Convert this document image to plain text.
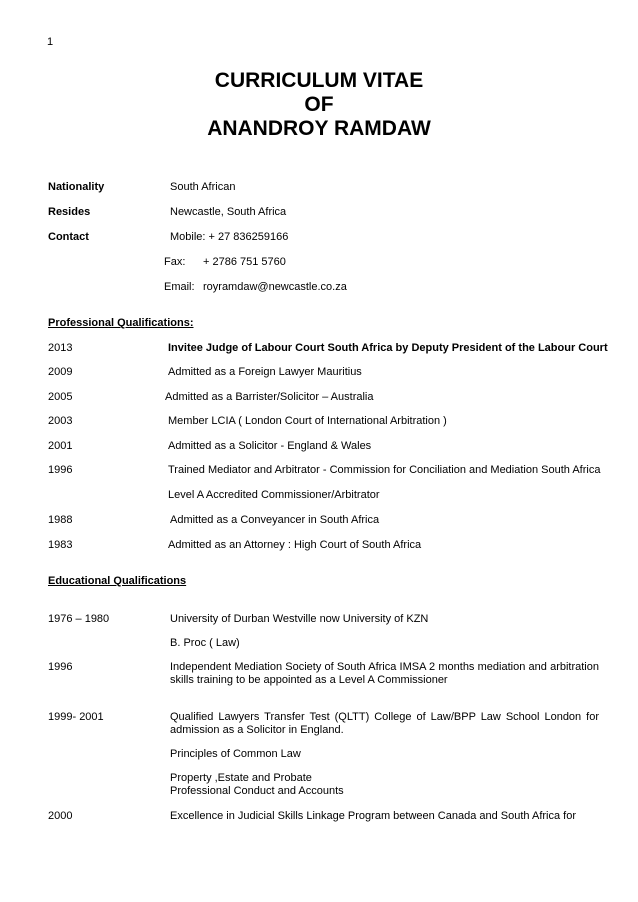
1
CURRICULUM VITAE
OF
ANANDROY RAMDAW
Nationality	South African
Resides	Newcastle, South Africa
Contact	Mobile: + 27 836259166
Fax: + 2786 751 5760
Email: royramdaw@newcastle.co.za
Professional Qualifications:
2013	Invitee Judge of Labour Court South Africa by Deputy President of the Labour Court
2009	Admitted as a Foreign Lawyer Mauritius
2005	Admitted as a Barrister/Solicitor – Australia
2003	Member LCIA ( London Court of International Arbitration )
2001	Admitted as a Solicitor - England & Wales
1996	Trained Mediator and Arbitrator - Commission for Conciliation and Mediation South Africa
Level A Accredited Commissioner/Arbitrator
1988	Admitted as a Conveyancer in South Africa
1983	Admitted as an Attorney : High Court of South Africa
Educational Qualifications
1976 – 1980	University of Durban Westville now University of KZN
B. Proc ( Law)
1996	Independent Mediation Society of South Africa IMSA 2 months mediation and arbitration skills training to be appointed as a Level A Commissioner
1999- 2001	Qualified Lawyers Transfer Test (QLTT) College of Law/BPP Law School London for admission as a Solicitor in England.
Principles of Common Law
Property ,Estate and Probate
Professional Conduct and Accounts
2000	Excellence in Judicial Skills Linkage Program between Canada and South Africa for
